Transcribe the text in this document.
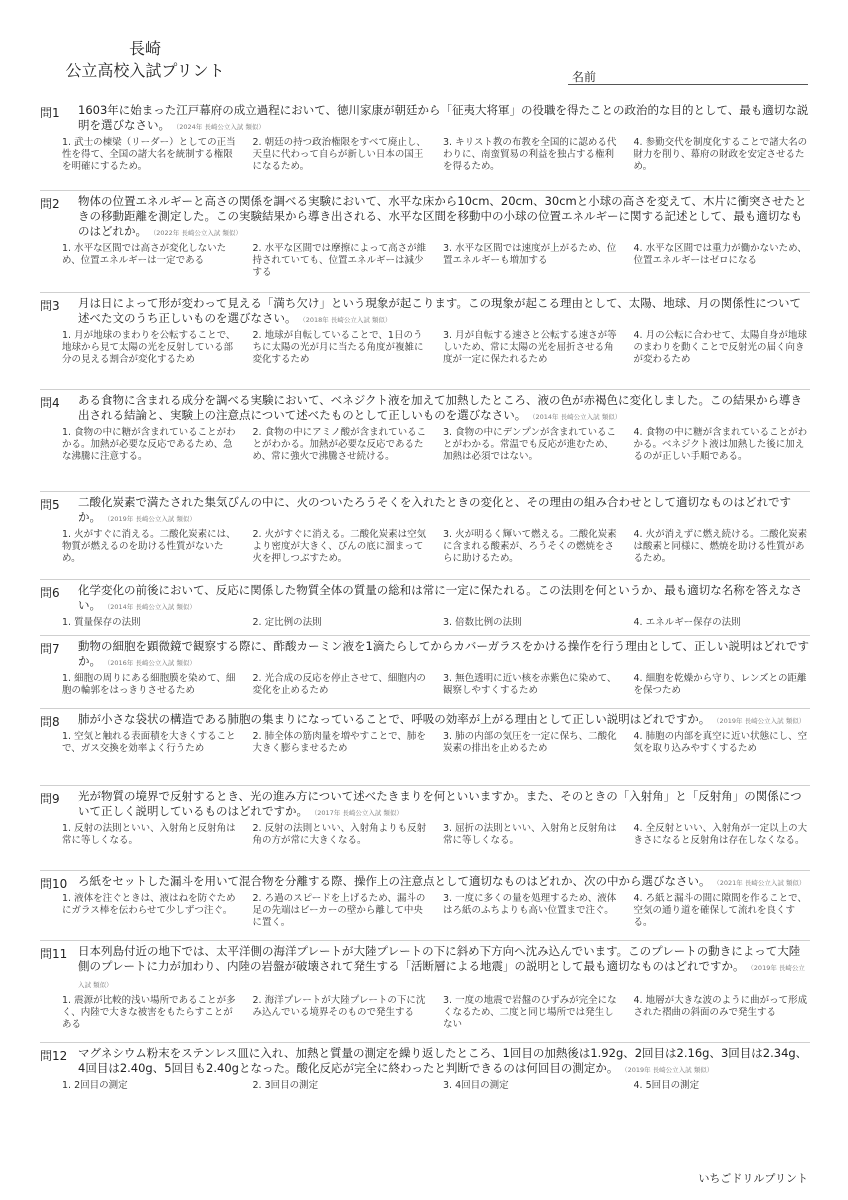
長崎
公立高校入試プリント	名前
問1	1603年に始まった江戸幕府の成立過程において、徳川家康が朝廷から「征夷大将軍」の役職を得たことの政治的な目的として、最も適切な説明を選びなさい。 （2024年 長崎公立入試 類似）
1. 武士の棟梁（リーダー）としての正当性を得て、全国の諸大名を統制する権限を明確にするため。
2. 朝廷の持つ政治権限をすべて廃止し、天皇に代わって自らが新しい日本の国王になるため。
3. キリスト教の布教を全国的に認める代わりに、南蛮貿易の利益を独占する権利を得るため。
4. 参勤交代を制度化することで諸大名の財力を削り、幕府の財政を安定させるため。
問2	物体の位置エネルギーと高さの関係を調べる実験において、水平な床から10cm、20cm、30cmと小球の高さを変えて、木片に衝突させたときの移動距離を測定した。この実験結果から導き出される、水平な区間を移動中の小球の位置エネルギーに関する記述として、最も適切なものはどれか。 （2022年 長崎公立入試 類似）
1. 水平な区間では高さが変化しないため、位置エネルギーは一定である
2. 水平な区間では摩擦によって高さが維持されていても、位置エネルギーは減少する
3. 水平な区間では速度が上がるため、位置エネルギーも増加する
4. 水平な区間では重力が働かないため、位置エネルギーはゼロになる
問3	月は日によって形が変わって見える「満ち欠け」という現象が起こります。この現象が起こる理由として、太陽、地球、月の関係性について述べた文のうち正しいものを選びなさい。 （2018年 長崎公立入試 類似）
1. 月が地球のまわりを公転することで、地球から見て太陽の光を反射している部分の見える割合が変化するため
2. 地球が自転していることで、1日のうちに太陽の光が月に当たる角度が複雑に変化するため
3. 月が自転する速さと公転する速さが等しいため、常に太陽の光を屈折させる角度が一定に保たれるため
4. 月の公転に合わせて、太陽自身が地球のまわりを動くことで反射光の届く向きが変わるため
問4	ある食物に含まれる成分を調べる実験において、ベネジクト液を加えて加熱したところ、液の色が赤褐色に変化しました。この結果から導き出される結論と、実験上の注意点について述べたものとして正しいものを選びなさい。 （2014年 長崎公立入試 類似）
1. 食物の中に糖が含まれていることがわかる。加熱が必要な反応であるため、急な沸騰に注意する。
2. 食物の中にアミノ酸が含まれていることがわかる。加熱が必要な反応であるため、常に強火で沸騰させ続ける。
3. 食物の中にデンプンが含まれていることがわかる。常温でも反応が進むため、加熱は必須ではない。
4. 食物の中に糖が含まれていることがわかる。ベネジクト液は加熱した後に加えるのが正しい手順である。
問5	二酸化炭素で満たされた集気びんの中に、火のついたろうそくを入れたときの変化と、その理由の組み合わせとして適切なものはどれですか。 （2019年 長崎公立入試 類似）
1. 火がすぐに消える。二酸化炭素には、物質が燃えるのを助ける性質がないため。
2. 火がすぐに消える。二酸化炭素は空気より密度が大きく、びんの底に溜まって火を押しつぶすため。
3. 火が明るく輝いて燃える。二酸化炭素に含まれる酸素が、ろうそくの燃焼をさらに助けるため。
4. 火が消えずに燃え続ける。二酸化炭素は酸素と同様に、燃焼を助ける性質があるため。
問6	化学変化の前後において、反応に関係した物質全体の質量の総和は常に一定に保たれる。この法則を何というか、最も適切な名称を答えなさい。 （2014年 長崎公立入試 類似）
1. 質量保存の法則	2. 定比例の法則	3. 倍数比例の法則	4. エネルギー保存の法則
問7	動物の細胞を顕微鏡で観察する際に、酢酸カーミン液を1滴たらしてからカバーガラスをかける操作を行う理由として、正しい説明はどれですか。 （2016年 長崎公立入試 類似）
1. 細胞の周りにある細胞膜を染めて、細胞の輪郭をはっきりさせるため
2. 光合成の反応を停止させて、細胞内の変化を止めるため
3. 無色透明に近い核を赤紫色に染めて、観察しやすくするため
4. 細胞を乾燥から守り、レンズとの距離を保つため
問8	肺が小さな袋状の構造である肺胞の集まりになっていることで、呼吸の効率が上がる理由として正しい説明はどれですか。 （2019年 長崎公立入試 類似）
1. 空気と触れる表面積を大きくすることで、ガス交換を効率よく行うため
2. 肺全体の筋肉量を増やすことで、肺を大きく膨らませるため
3. 肺の内部の気圧を一定に保ち、二酸化炭素の排出を止めるため
4. 肺胞の内部を真空に近い状態にし、空気を取り込みやすくするため
問9	光が物質の境界で反射するとき、光の進み方について述べたきまりを何といいますか。また、そのときの「入射角」と「反射角」の関係について正しく説明しているものはどれですか。 （2017年 長崎公立入試 類似）
1. 反射の法則といい、入射角と反射角は常に等しくなる。
2. 反射の法則といい、入射角よりも反射角の方が常に大きくなる。
3. 屈折の法則といい、入射角と反射角は常に等しくなる。
4. 全反射といい、入射角が一定以上の大きさになると反射角は存在しなくなる。
問10 ろ紙をセットした漏斗を用いて混合物を分離する際、操作上の注意点として適切なものはどれか、次の中から選びなさい。 （2021年 長崎公立入試 類似）
1. 液体を注ぐときは、液はねを防ぐためにガラス棒を伝わらせて少しずつ注ぐ。
2. ろ過のスピードを上げるため、漏斗の足の先端はビーカーの壁から離して中央に置く。
3. 一度に多くの量を処理するため、液体はろ紙のふちよりも高い位置まで注ぐ。
4. ろ紙と漏斗の間に隙間を作ることで、空気の通り道を確保して流れを良くする。
問11 日本列島付近の地下では、太平洋側の海洋プレートが大陸プレートの下に斜め下方向へ沈み込んでいます。このプレートの動きによって大陸側のプレートに力が加わり、内陸の岩盤が破壊されて発生する「活断層による地震」の説明として最も適切なものはどれですか。 （2019年 長崎公立入試 類似）
1. 震源が比較的浅い場所であることが多く、内陸で大きな被害をもたらすことがある
2. 海洋プレートが大陸プレートの下に沈み込んでいる境界そのもので発生する
3. 一度の地震で岩盤のひずみが完全になくなるため、二度と同じ場所では発生しない
4. 地層が大きな波のように曲がって形成された褶曲の斜面のみで発生する
問12 マグネシウム粉末をステンレス皿に入れ、加熱と質量の測定を繰り返したところ、1回目の加熱後は1.92g、2回目は2.16g、3回目は2.34g、4回目は2.40g、5回目も2.40gとなった。酸化反応が完全に終わったと判断できるのは何回目の測定か。 （2019年 長崎公立入試 類似）
1. 2回目の測定	2. 3回目の測定	3. 4回目の測定	4. 5回目の測定
いちごドリルプリント
